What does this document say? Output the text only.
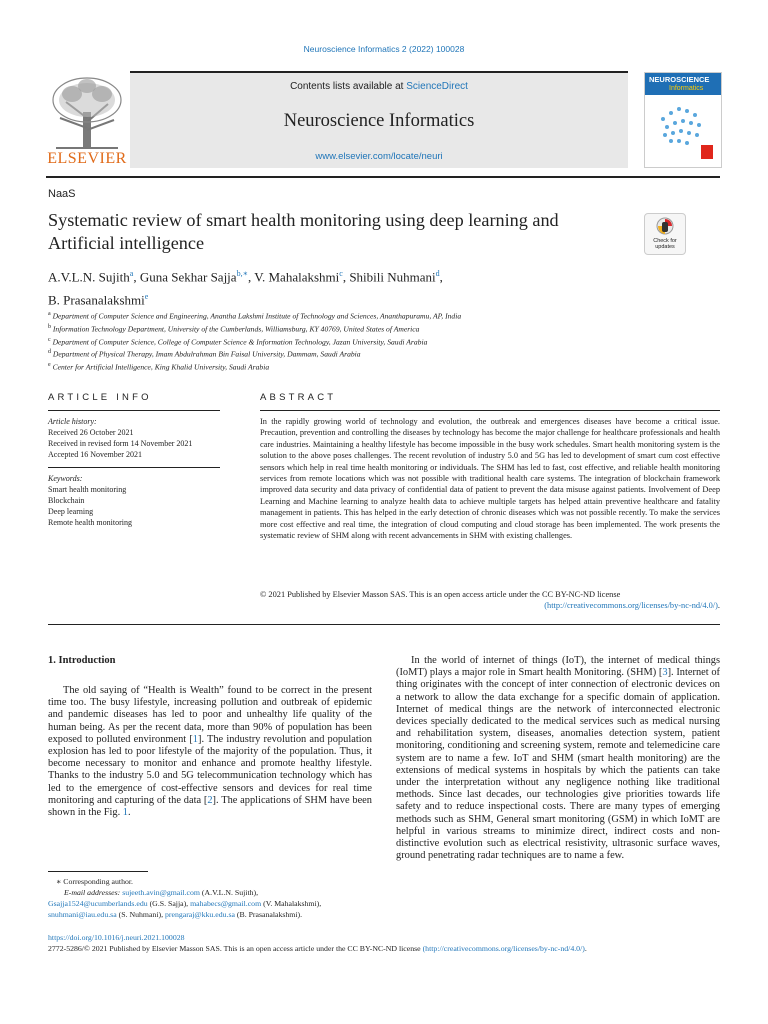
Neuroscience Informatics 2 (2022) 100028
ELSEVIER
Contents lists available at ScienceDirect
Neuroscience Informatics
www.elsevier.com/locate/neuri
NEUROSCIENCE
Informatics
NaaS
Systematic review of smart health monitoring using deep learning and
Artificial intelligence	Check for
updates
A.V.L.N. Sujith$^a$, Guna Sekhar Sajja$^{b,∗}$, V. Mahalakshmi$^c$, Shibili Nuhmani$^d$,
B. Prasanalakshmi$^e$
$^a$ Department of Computer Science and Engineering, Anantha Lakshmi Institute of Technology and Sciences, Ananthapuramu, AP, India
$^b$ Information Technology Department, University of the Cumberlands, Williamsburg, KY 40769, United States of America
$^c$ Department of Computer Science, College of Computer Science & Information Technology, Jazan University, Saudi Arabia
$^d$ Department of Physical Therapy, Imam Abdulrahman Bin Faisal University, Dammam, Saudi Arabia
$^e$ Center for Artificial Intelligence, King Khalid University, Saudi Arabia
ARTICLE INFO
Article history:
Received 26 October 2021
Received in revised form 14 November 2021
Accepted 16 November 2021
Keywords:
Smart health monitoring
Blockchain
Deep learning
Remote health monitoring
ABSTRACT
In the rapidly growing world of technology and evolution, the outbreak and emergences diseases have become a critical issue. Precaution, prevention and controlling the diseases by technology has become the major challenge for healthcare professionals and health care industries. Maintaining a healthy lifestyle has become impossible in the busy work schedules. Smart health monitoring system is the solution to the above poses challenges. The recent revolution of industry 5.0 and 5G has led to development of smart cum cost effective sensors which help in real time health monitoring or individuals. The SHM has led to fast, cost effective, and reliable health monitoring services from remote locations which was not possible with traditional health care systems. The integration of blockchain framework improved data security and data privacy of confidential data of patient to prevent the data misuse against patients. Involvement of Deep Learning and Machine learning to analyze health data to achieve multiple targets has helped attain preventive healthcare and fatality management in patients. This has helped in the early detection of chronic diseases which was not possible recently. To make the services more cost effective and real time, the integration of cloud computing and cloud storage has been implemented. The work presents the systematic review of SHM along with recent advancements in SHM with existing challenges.
© 2021 Published by Elsevier Masson SAS. This is an open access article under the CC BY-NC-ND license
(http://creativecommons.org/licenses/by-nc-nd/4.0/).
1. Introduction
The old saying of “Health is Wealth” found to be correct in the present time too. The busy lifestyle, increasing pollution and outbreak of epidemic and pandemic diseases has led to poor and unhealthy life quality of the human being. As per the recent data, more than 90% of population has been exposed to polluted environment [1]. The industry revolution and population explosion has led to poor lifestyle of the majority of the population. Thus, it become necessary to monitor and enhance and promote healthy lifestyle. Thanks to the industry 5.0 and 5G telecommunication technology which has led to the emergence of cost-effective sensors and devices for real time monitoring and capturing of the data [2]. The applications of SHM have been shown in the Fig. 1.
In the world of internet of things (IoT), the internet of medical things (IoMT) plays a major role in Smart health Monitoring. (SHM) [3]. Internet of thing originates with the concept of inter connection of electronic devices on a network to allow the data exchange for a specific domain of application. Internet of medical things are the network of interconnected electronic devices specially dedicated to the medical services such as medical nursing and rehabilitation system, diseases, anomalies detection system, patient monitoring, conditioning and screening system, remote and telemedicine care system are to name a few. IoT and SHM (smart health monitoring) are the extensions of medical systems in hospitals by which the patients can take under the interpretation without any negligence nothing like traditional methods. Since last decades, our technologies give priorities towards life safety and to reduce inspectional costs. There are many types of emerging methods such as SHM, General smart monitoring (GSM) in which IoMT are helpful in various streams to minimize direct, indirect costs and non-distinctive evolution such as electrical resistivity, ultrasonic surface waves, ground penetrating radar techniques are to name a few.
∗ Corresponding author.
E-mail addresses: sujeeth.avin@gmail.com (A.V.L.N. Sujith),
Gsajja1524@ucumberlands.edu (G.S. Sajja), mahabecs@gmail.com (V. Mahalakshmi),
snuhmani@iau.edu.sa (S. Nuhmani), prengaraj@kku.edu.sa (B. Prasanalakshmi).
https://doi.org/10.1016/j.neuri.2021.100028
2772-5286/© 2021 Published by Elsevier Masson SAS. This is an open access article under the CC BY-NC-ND license (http://creativecommons.org/licenses/by-nc-nd/4.0/).
